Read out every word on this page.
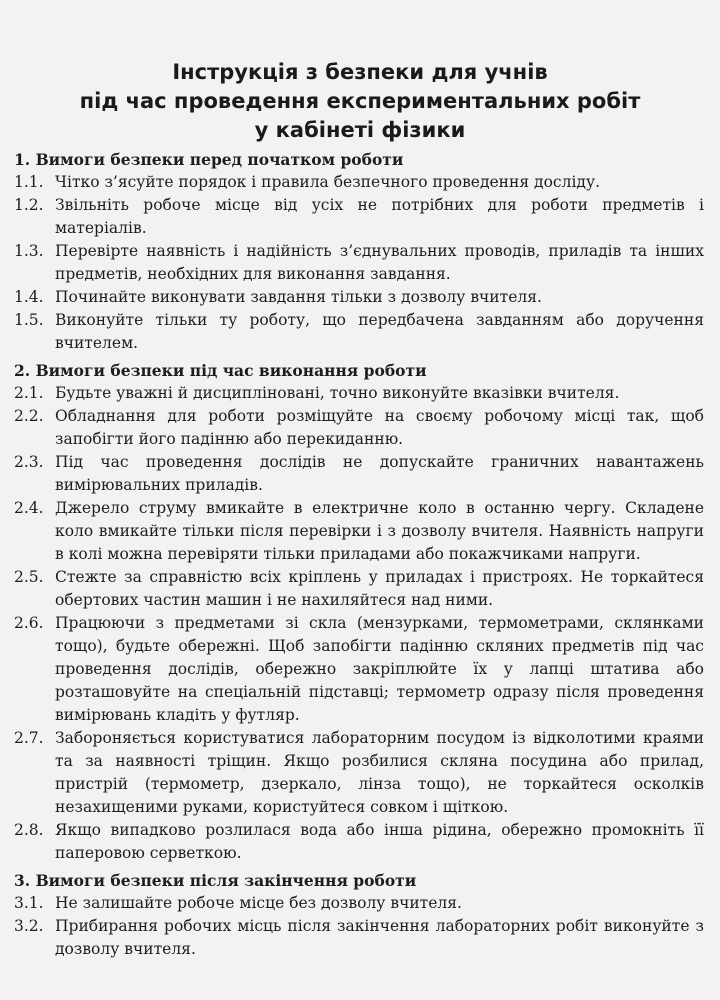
Інструкція з безпеки для учнів
під час проведення експериментальних робіт
у кабінеті фізики
1. Вимоги безпеки перед початком роботи
1.1. Чітко з’ясуйте порядок і правила безпечного проведення досліду.
1.2. Звільніть робоче місце від усіх не потрібних для роботи предметів і матеріалів.
1.3. Перевірте наявність і надійність з’єднувальних проводів, приладів та інших предметів, необхідних для виконання завдання.
1.4. Починайте виконувати завдання тільки з дозволу вчителя.
1.5. Виконуйте тільки ту роботу, що передбачена завданням або доручення вчителем.
2. Вимоги безпеки під час виконання роботи
2.1. Будьте уважні й дисципліновані, точно виконуйте вказівки вчителя.
2.2. Обладнання для роботи розміщуйте на своєму робочому місці так, щоб запобігти його падінню або перекиданню.
2.3. Під час проведення дослідів не допускайте граничних навантажень вимірювальних приладів.
2.4. Джерело струму вмикайте в електричне коло в останню чергу. Складене коло вмикайте тільки після перевірки і з дозволу вчителя. Наявність напруги в колі можна перевіряти тільки приладами або покажчиками напруги.
2.5. Стежте за справністю всіх кріплень у приладах і пристроях. Не торкайтеся обертових частин машин і не нахиляйтеся над ними.
2.6. Працюючи з предметами зі скла (мензурками, термометрами, склянками тощо), будьте обережні. Щоб запобігти падінню скляних предметів під час проведення дослідів, обережно закріплюйте їх у лапці штатива або розташовуйте на спеціальній підставці; термометр одразу після проведення вимірювань кладіть у футляр.
2.7. Забороняється користуватися лабораторним посудом із відколотими краями та за наявності тріщин. Якщо розбилися скляна посудина або прилад, пристрій (термометр, дзеркало, лінза тощо), не торкайтеся осколків незахищеними руками, користуйтеся совком і щіткою.
2.8. Якщо випадково розлилася вода або інша рідина, обережно промокніть її паперовою серветкою.
3. Вимоги безпеки після закінчення роботи
3.1. Не залишайте робоче місце без дозволу вчителя.
3.2. Прибирання робочих місць після закінчення лабораторних робіт виконуйте з дозволу вчителя.
